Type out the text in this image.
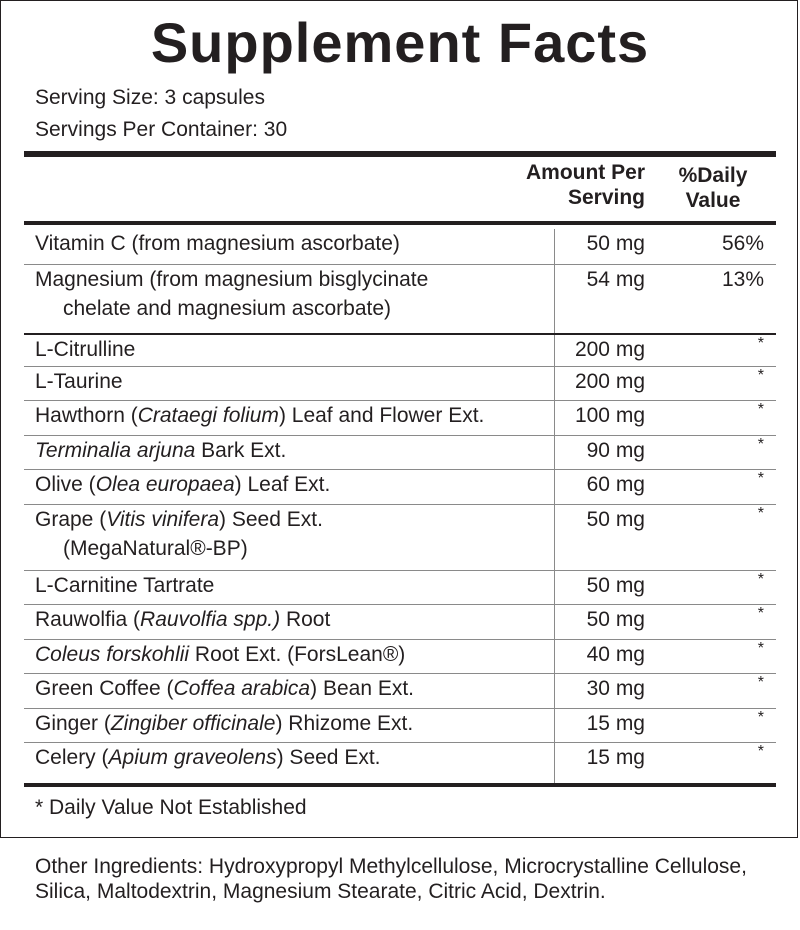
Supplement Facts
Serving Size: 3 capsules
Servings Per Container: 30
Amount Per
Serving
%Daily
Value
Vitamin C (from magnesium ascorbate)	50 mg	56%
Magnesium (from magnesium bisglycinate
chelate and magnesium ascorbate)
54 mg	13%
L-Citrulline	200 mg	*
L-Taurine	200 mg	*
Hawthorn (Crataegi folium) Leaf and Flower Ext.	100 mg	*
Terminalia arjuna Bark Ext.	90 mg	*
Olive (Olea europaea) Leaf Ext.	60 mg	*
Grape (Vitis vinifera) Seed Ext.
(MegaNatural®-BP)
50 mg	*
L-Carnitine Tartrate	50 mg	*
Rauwolfia (Rauvolfia spp.) Root	50 mg	*
Coleus forskohlii Root Ext. (ForsLean®)	40 mg	*
Green Coffee (Coffea arabica) Bean Ext.	30 mg	*
Ginger (Zingiber officinale) Rhizome Ext.	15 mg	*
Celery (Apium graveolens) Seed Ext.	15 mg	*
* Daily Value Not Established
Other Ingredients: Hydroxypropyl Methylcellulose, Microcrystalline Cellulose, Silica, Maltodextrin, Magnesium Stearate, Citric Acid, Dextrin.
